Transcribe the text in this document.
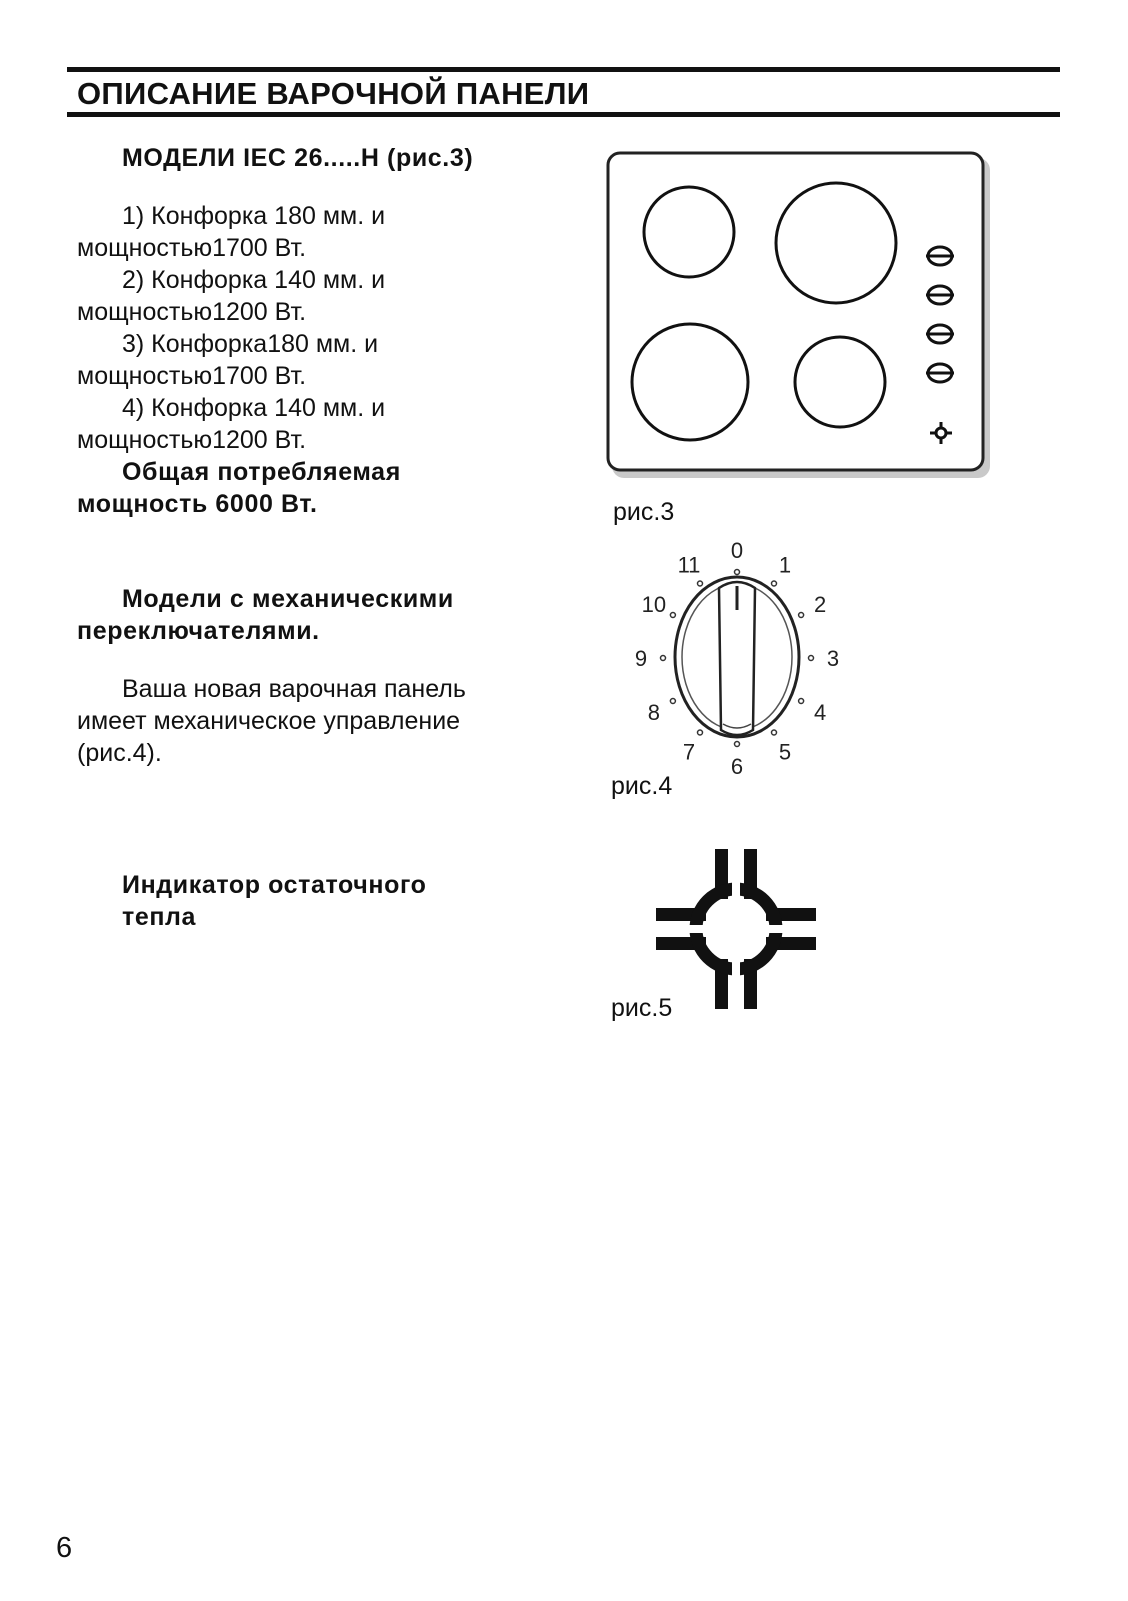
ОПИСАНИЕ ВАРОЧНОЙ ПАНЕЛИ

МОДЕЛИ IEC 26.....H (рис.3)

1) Конфорка 180 мм. и

мощностью1700 Вт.

2) Конфорка 140 мм. и

мощностью1200 Вт.

3) Конфорка180 мм. и

мощностью1700 Вт.

4) Конфорка 140 мм. и

мощностью1200 Вт.

Общая потребляемая

мощность 6000 Вт.

Модели с механическими

переключателями.

Ваша новая варочная панель

имеет механическое управление

(рис.4).

Индикатор остаточного

тепла

рис.3
0
1
2
3
4
5
6
7
8
9
10
11
рис.4
рис.5
6
